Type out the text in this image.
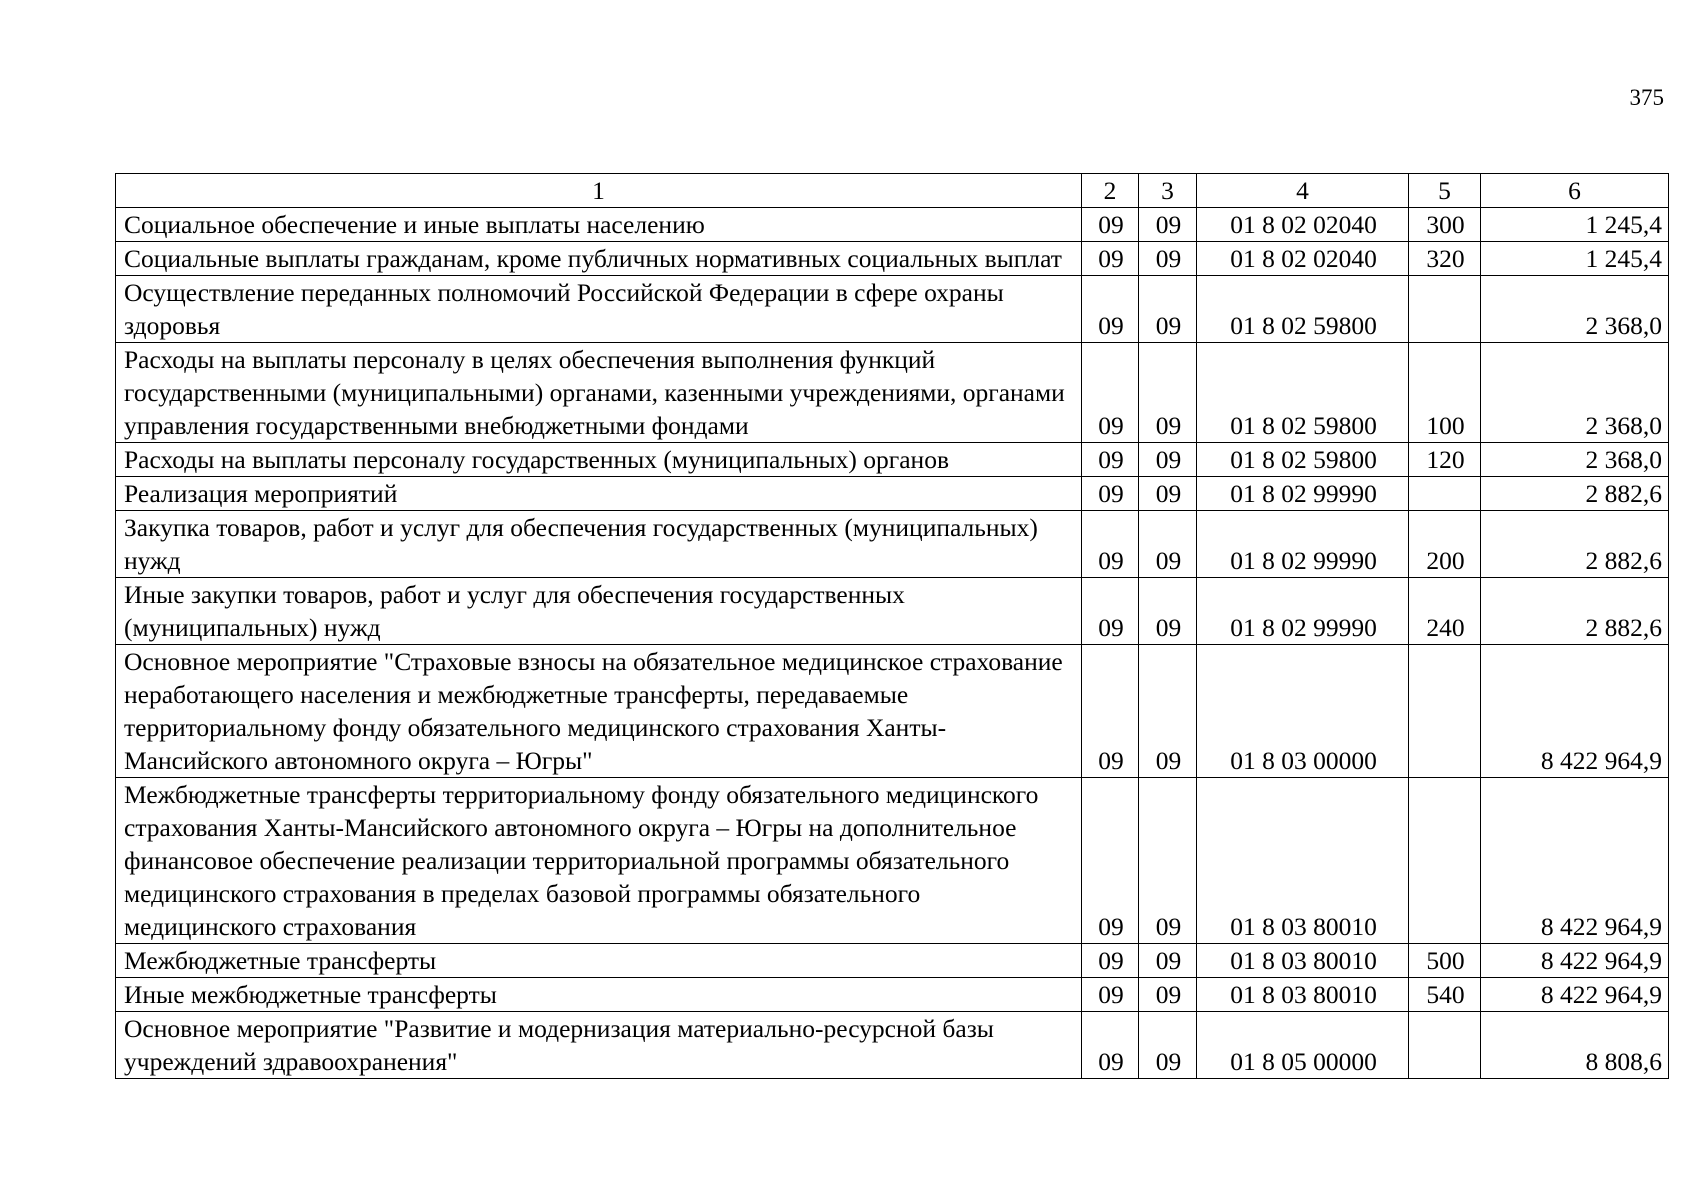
375
1	2	3	4	5	6
Социальное обеспечение и иные выплаты населению	09	09	01 8 02 02040	300	1 245,4
Социальные выплаты гражданам, кроме публичных нормативных социальных выплат	09	09	01 8 02 02040	320	1 245,4
Осуществление переданных полномочий Российской Федерации в сфере охраны здоровья	09	09	01 8 02 59800		2 368,0
Расходы на выплаты персоналу в целях обеспечения выполнения функций государственными (муниципальными) органами, казенными учреждениями, органами управления государственными внебюджетными фондами	09	09	01 8 02 59800	100	2 368,0
Расходы на выплаты персоналу государственных (муниципальных) органов	09	09	01 8 02 59800	120	2 368,0
Реализация мероприятий	09	09	01 8 02 99990		2 882,6
Закупка товаров, работ и услуг для обеспечения государственных (муниципальных) нужд	09	09	01 8 02 99990	200	2 882,6
Иные закупки товаров, работ и услуг для обеспечения государственных (муниципальных) нужд	09	09	01 8 02 99990	240	2 882,6
Основное мероприятие "Страховые взносы на обязательное медицинское страхование неработающего населения и межбюджетные трансферты, передаваемые территориальному фонду обязательного медицинского страхования Ханты-Мансийского автономного округа – Югры"	09	09	01 8 03 00000		8 422 964,9
Межбюджетные трансферты территориальному фонду обязательного медицинского страхования Ханты-Мансийского автономного округа – Югры на дополнительное финансовое обеспечение реализации территориальной программы обязательного медицинского страхования в пределах базовой программы обязательного медицинского страхования	09	09	01 8 03 80010		8 422 964,9
Межбюджетные трансферты	09	09	01 8 03 80010	500	8 422 964,9
Иные межбюджетные трансферты	09	09	01 8 03 80010	540	8 422 964,9
Основное мероприятие "Развитие и модернизация материально-ресурсной базы учреждений здравоохранения"	09	09	01 8 05 00000		8 808,6
